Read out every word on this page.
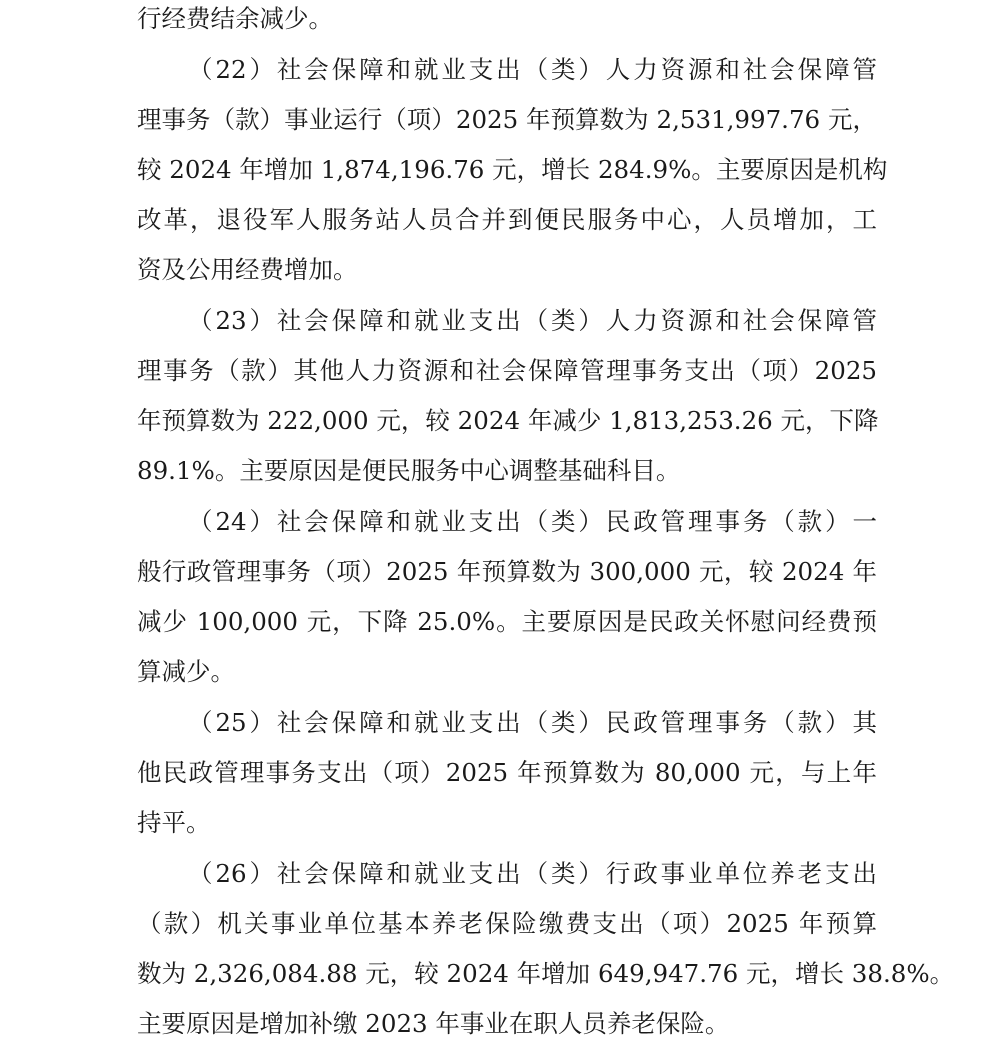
行经费结余减少。
（22）社会保障和就业支出（类）人力资源和社会保障管
理事务（款）事业运行（项）2025 年预算数为 2,531,997.76 元，
较 2024 年增加 1,874,196.76 元，增长 284.9%。主要原因是机构
改革，退役军人服务站人员合并到便民服务中心，人员增加，工
资及公用经费增加。
（23）社会保障和就业支出（类）人力资源和社会保障管
理事务（款）其他人力资源和社会保障管理事务支出（项）2025
年预算数为 222,000 元，较 2024 年减少 1,813,253.26 元，下降
89.1%。主要原因是便民服务中心调整基础科目。
（24）社会保障和就业支出（类）民政管理事务（款）一
般行政管理事务（项）2025 年预算数为 300,000 元，较 2024 年
减少 100,000 元，下降 25.0%。主要原因是民政关怀慰问经费预
算减少。
（25）社会保障和就业支出（类）民政管理事务（款）其
他民政管理事务支出（项）2025 年预算数为 80,000 元，与上年
持平。
（26）社会保障和就业支出（类）行政事业单位养老支出
（款）机关事业单位基本养老保险缴费支出（项）2025 年预算
数为 2,326,084.88 元，较 2024 年增加 649,947.76 元，增长 38.8%。
主要原因是增加补缴 2023 年事业在职人员养老保险。
